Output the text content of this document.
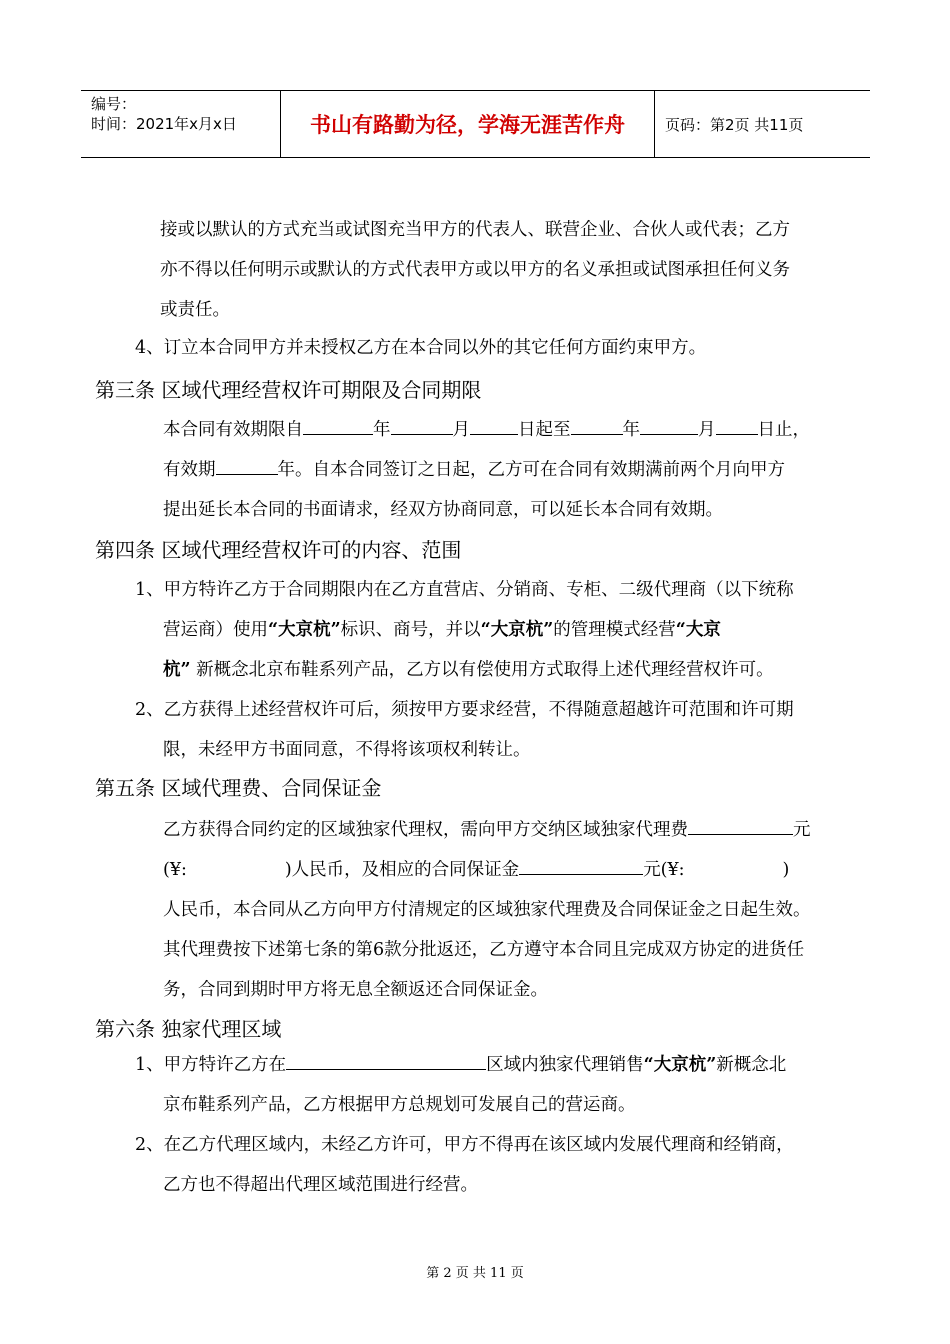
编号：
时间：2021年x月x日	书山有路勤为径，学海无涯苦作舟	页码：第2页 共11页

接或以默认的方式充当或试图充当甲方的代表人、联营企业、合伙人或代表；乙方

亦不得以任何明示或默认的方式代表甲方或以甲方的名义承担或试图承担任何义务

或责任。

4、订立本合同甲方并未授权乙方在本合同以外的其它任何方面约束甲方。

第三条 区域代理经营权许可期限及合同期限

本合同有效期限自	年	月	日起至	年	月 日止，

有效期	年。自本合同签订之日起，乙方可在合同有效期满前两个月向甲方

提出延长本合同的书面请求，经双方协商同意，可以延长本合同有效期。

第四条 区域代理经营权许可的内容、范围

1、甲方特许乙方于合同期限内在乙方直营店、分销商、专柜、二级代理商（以下统称

营运商）使用“大京杭”标识、商号，并以“大京杭”的管理模式经营“大京

杭” 新概念北京布鞋系列产品，乙方以有偿使用方式取得上述代理经营权许可。

2、乙方获得上述经营权许可后，须按甲方要求经营，不得随意超越许可范围和许可期

限，未经甲方书面同意，不得将该项权利转让。

第五条 区域代理费、合同保证金

乙方获得合同约定的区域独家代理权，需向甲方交纳区域独家代理费	元

(¥:	)人民币，及相应的合同保证金	元(¥:	)

人民币，本合同从乙方向甲方付清规定的区域独家代理费及合同保证金之日起生效。

其代理费按下述第七条的第6款分批返还，乙方遵守本合同且完成双方协定的进货任

务，合同到期时甲方将无息全额返还合同保证金。

第六条 独家代理区域

1、甲方特许乙方在	区域内独家代理销售“大京杭”新概念北

京布鞋系列产品，乙方根据甲方总规划可发展自己的营运商。

2、在乙方代理区域内，未经乙方许可，甲方不得再在该区域内发展代理商和经销商，

乙方也不得超出代理区域范围进行经营。

第 2 页 共 11 页
